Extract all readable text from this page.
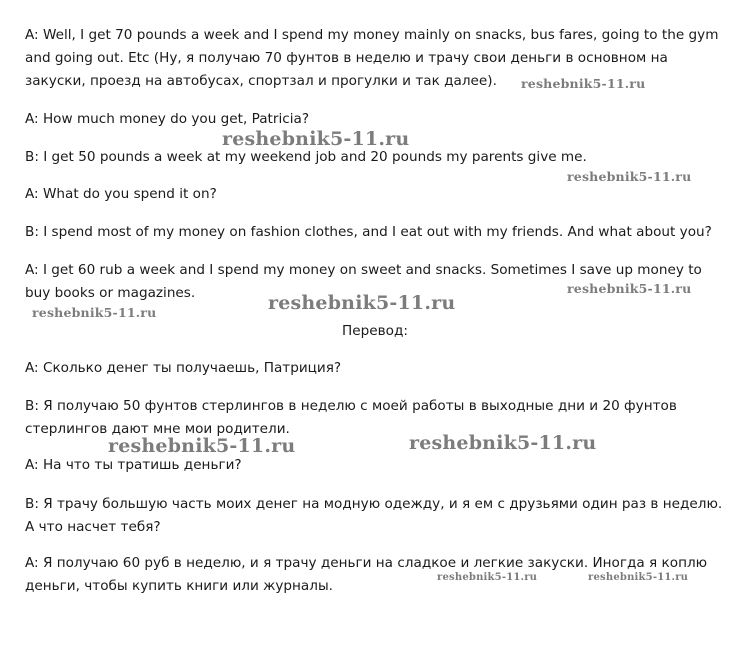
A: Well, I get 70 pounds a week and I spend my money mainly on snacks, bus fares, going to the gym and going out. Etc (Ну, я получаю 70 фунтов в неделю и трачу свои деньги в основном на закуски, проезд на автобусах, спортзал и прогулки и так далее).

A: How much money do you get, Patricia?

B: I get 50 pounds a week at my weekend job and 20 pounds my parents give me.

A: What do you spend it on?

B: I spend most of my money on fashion clothes, and I eat out with my friends. And what about you?

A: I get 60 rub a week and I spend my money on sweet and snacks. Sometimes I save up money to buy books or magazines.

Перевод:

A: Сколько денег ты получаешь, Патриция?

B: Я получаю 50 фунтов стерлингов в неделю с моей работы в выходные дни и 20 фунтов стерлингов дают мне мои родители.

A: На что ты тратишь деньги?

B: Я трачу большую часть моих денег на модную одежду, и я ем с друзьями один раз в неделю. А что насчет тебя?

A: Я получаю 60 руб в неделю, и я трачу деньги на сладкое и легкие закуски. Иногда я коплю деньги, чтобы купить книги или журналы.

reshebnik5-11.ru
reshebnik5-11.ru
reshebnik5-11.ru
reshebnik5-11.ru
reshebnik5-11.ru
reshebnik5-11.ru
reshebnik5-11.ru
reshebnik5-11.ru
reshebnik5-11.ru	reshebnik5-11.ru
